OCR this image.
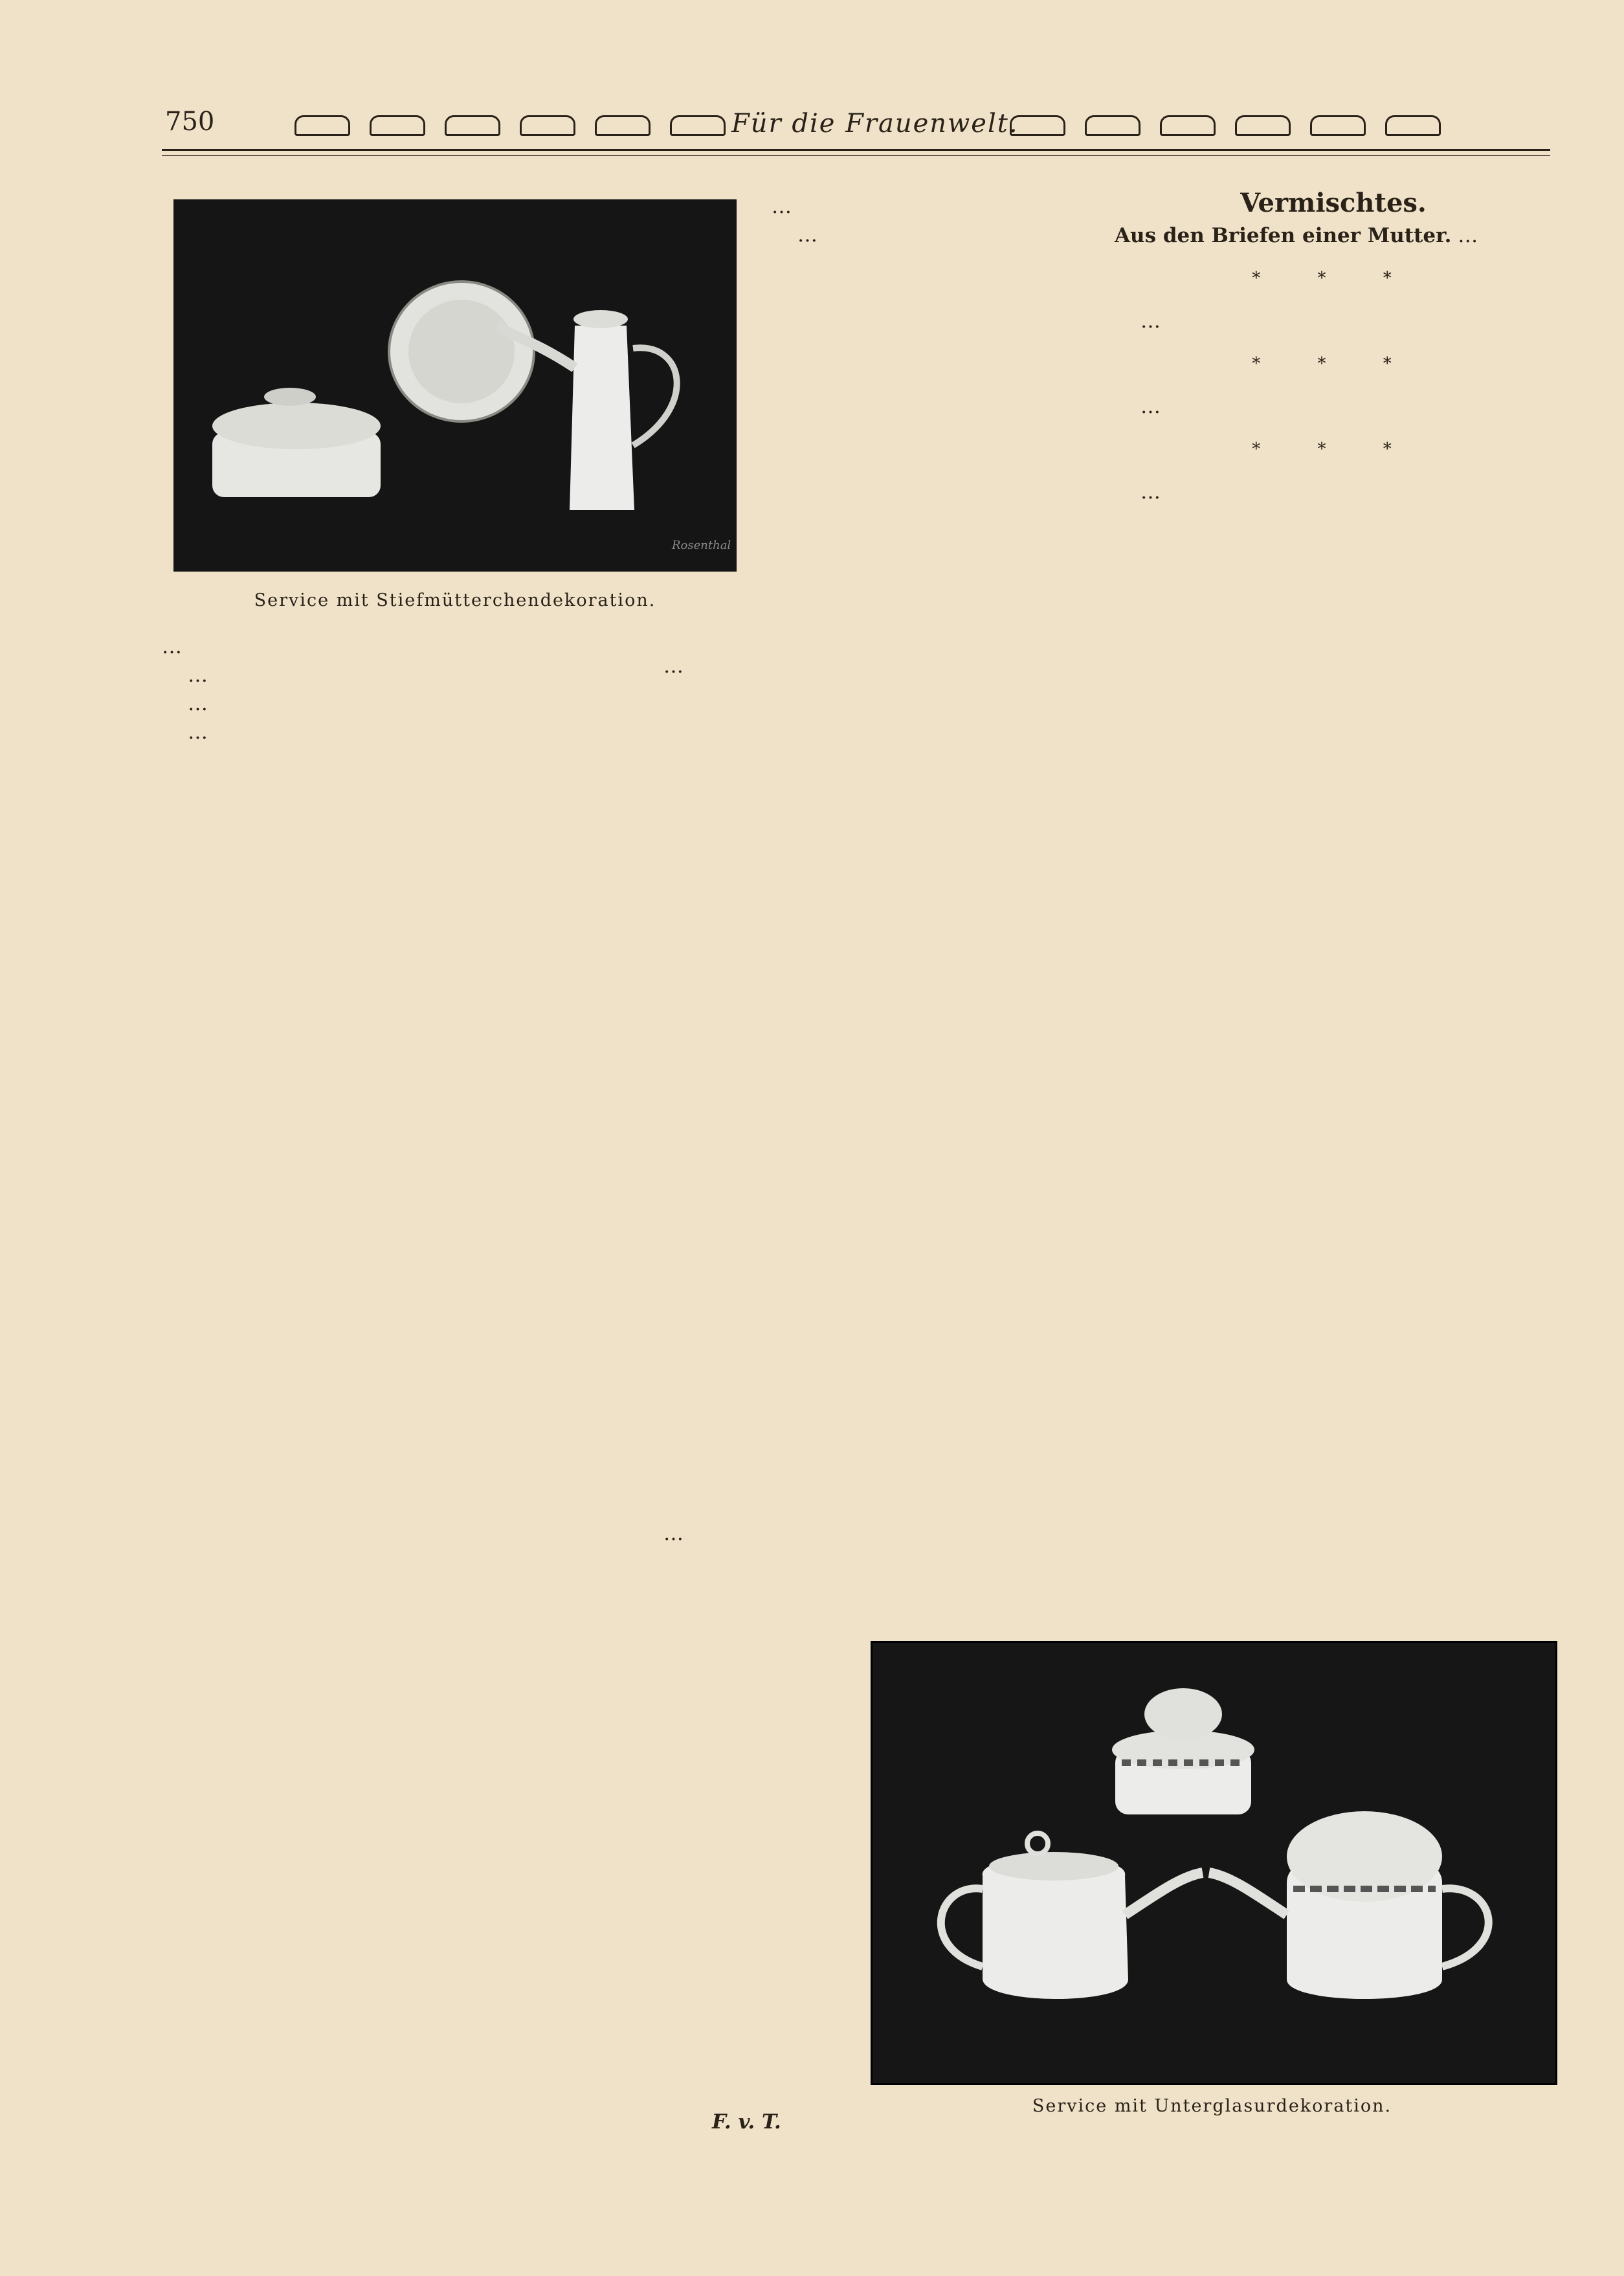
750	Für die Frauenwelt.
Rosenthal
Service mit Stiefmütterchendekoration.

…

…

…

…

…

…

…

…

F. v. T.
Vermischtes.

Aus den Briefen einer Mutter. …

* * *

…

* * *

…

* * *

…

Service mit Unterglasurdekoration.
